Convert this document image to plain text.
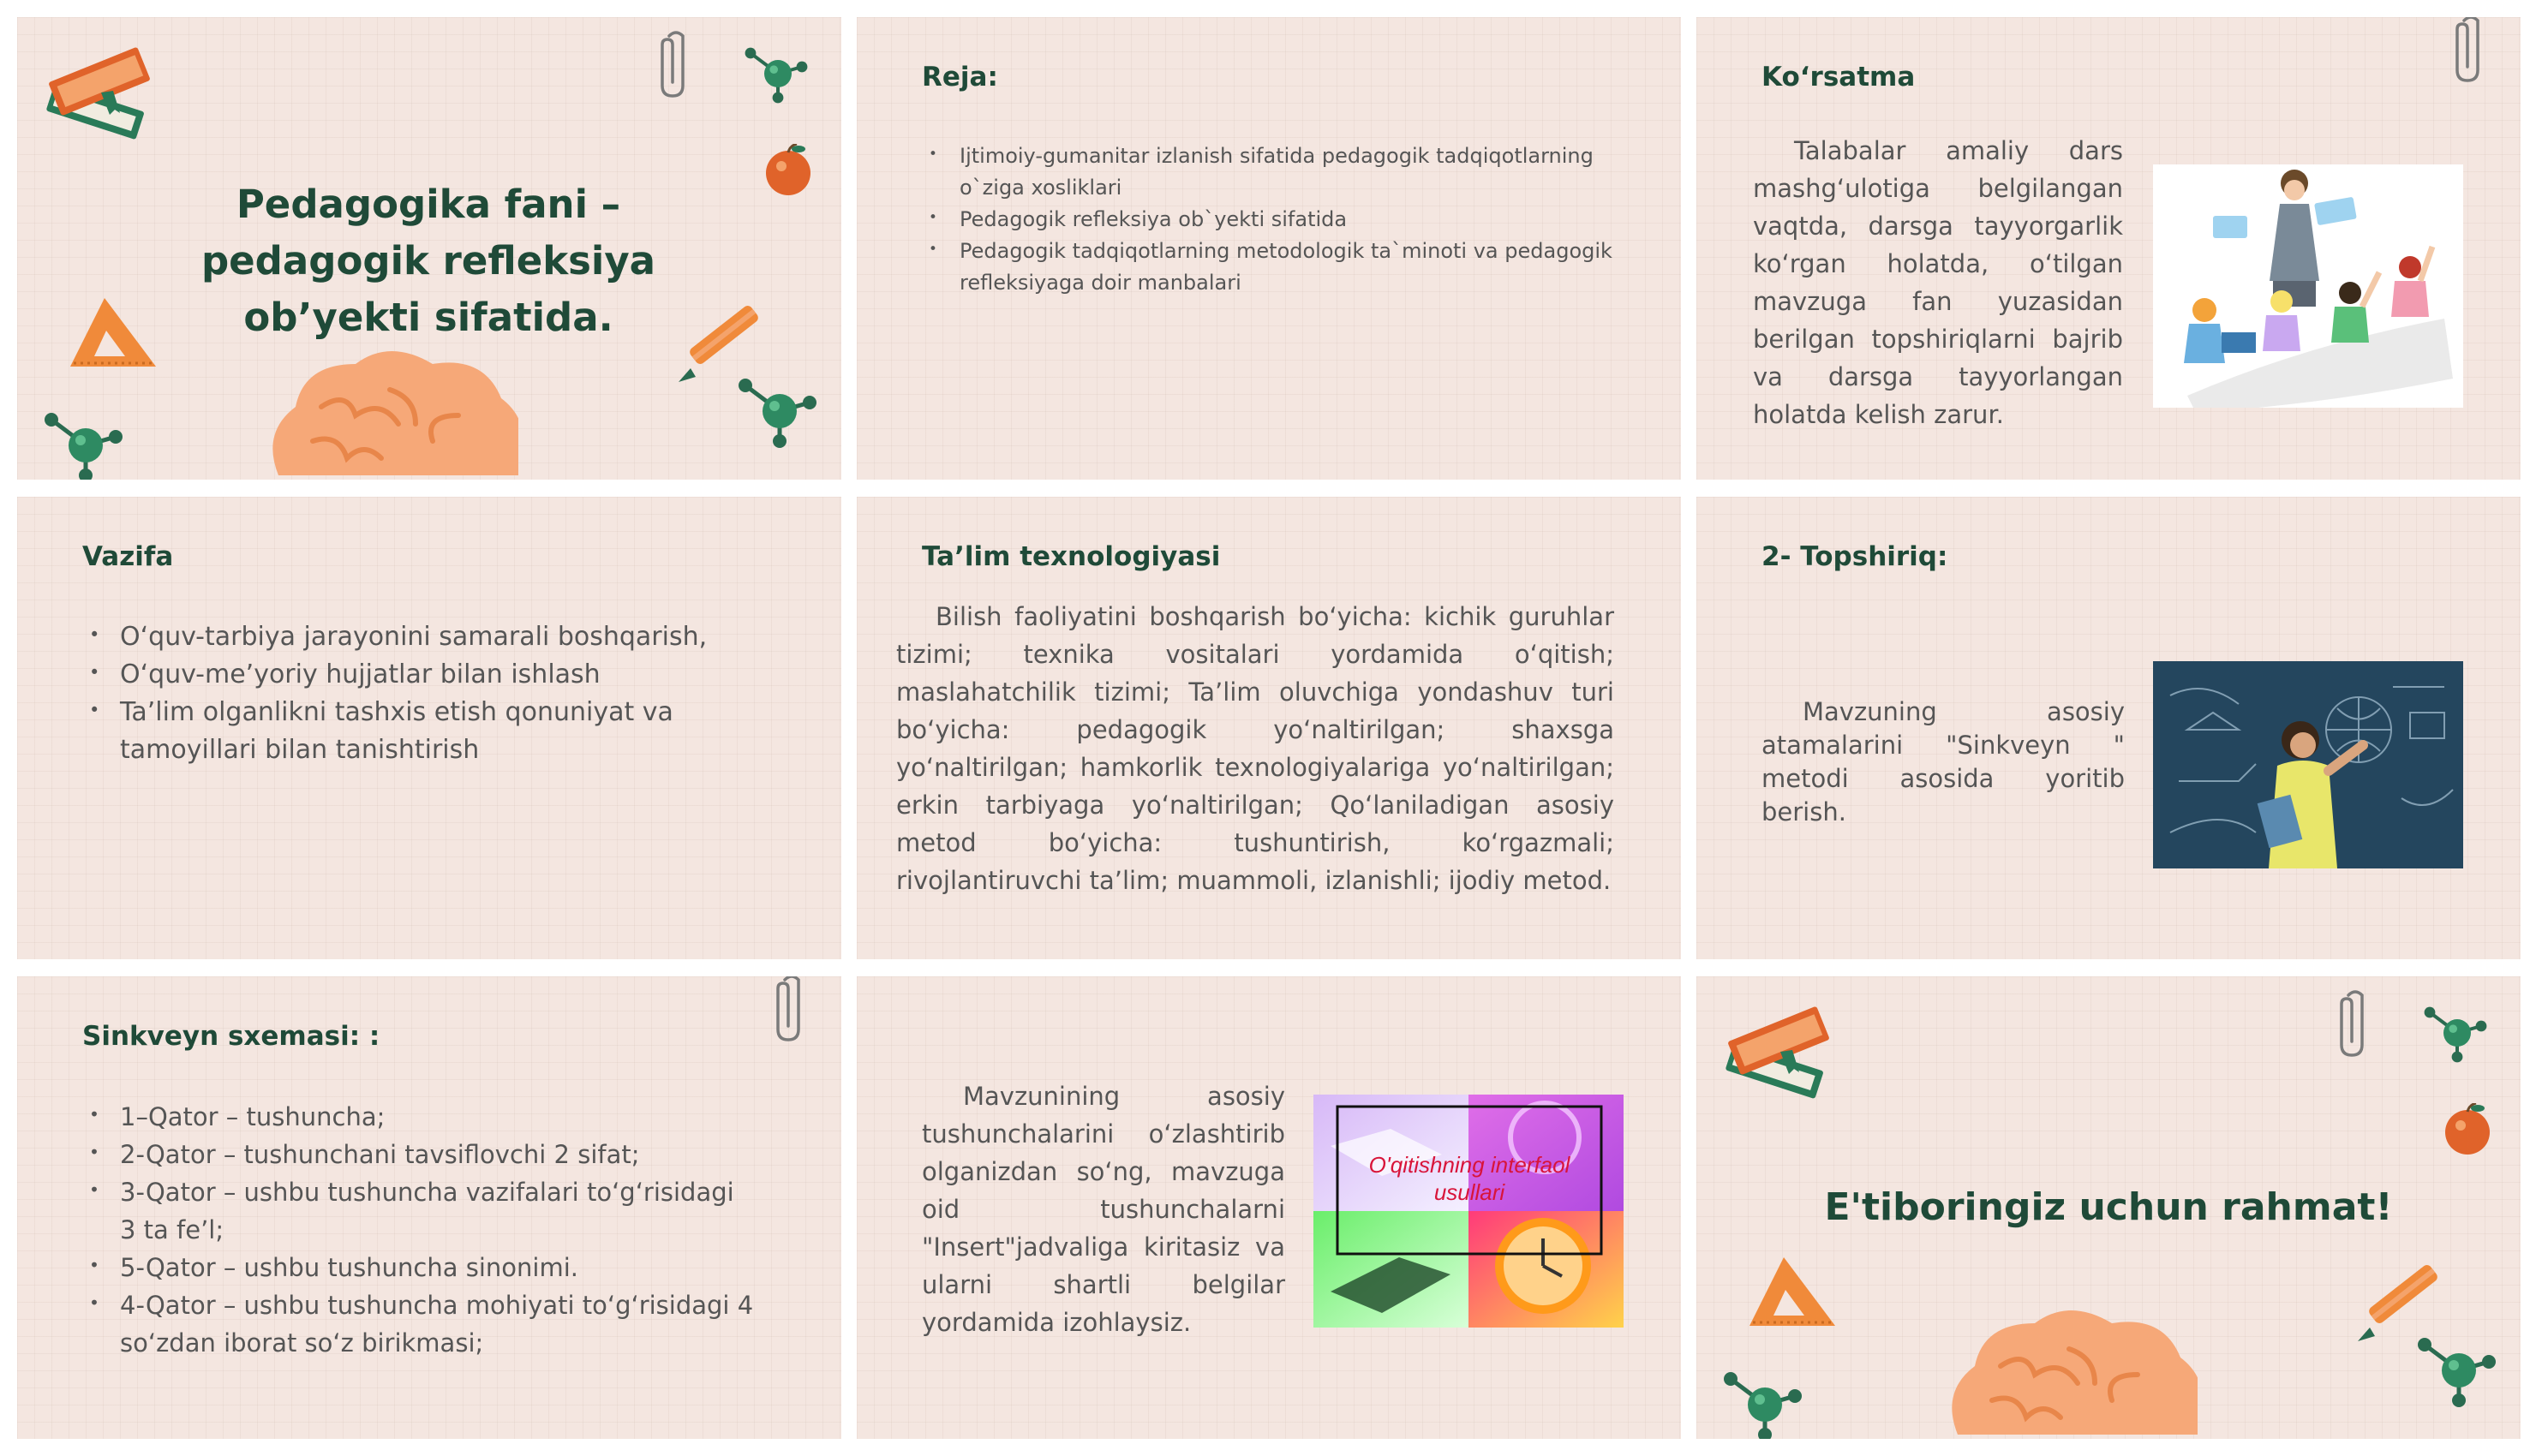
Pedagogika fani – pedagogik refleksiya ob’yekti sifatida.
Reja:
• Ijtimoiy-gumanitar izlanish sifatida pedagogik tadqiqotlarning o`ziga xosliklari
• Pedagogik refleksiya ob`yekti sifatida
• Pedagogik tadqiqotlarning metodologik ta`minoti va pedagogik refleksiyaga doir manbalari
Ko‘rsatma
Talabalar amaliy dars mashg‘ulotiga belgilangan vaqtda, darsga tayyorgarlik ko‘rgan holatda, o‘tilgan mavzuga fan yuzasidan berilgan topshiriqlarni bajrib va darsga tayyorlangan holatda kelish zarur.
Vazifa
• O‘quv-tarbiya jarayonini samarali boshqarish,
• O‘quv-me’yoriy hujjatlar bilan ishlash
• Ta’lim olganlikni tashxis etish qonuniyat va tamoyillari bilan tanishtirish
Ta’lim texnologiyasi
Bilish faoliyatini boshqarish bo‘yicha: kichik guruhlar tizimi; texnika vositalari yordamida o‘qitish; maslahatchilik tizimi; Ta’lim oluvchiga yondashuv turi bo‘yicha: pedagogik yo‘naltirilgan; shaxsga yo‘naltirilgan; hamkorlik texnologiyalariga yo‘naltirilgan; erkin tarbiyaga yo‘naltirilgan; Qo‘laniladigan asosiy metod bo‘yicha: tushuntirish, ko‘rgazmali; rivojlantiruvchi ta’lim; muammoli, izlanishli; ijodiy metod.
2- Topshiriq:
Mavzuning asosiy atamalarini "Sinkveyn " metodi asosida yoritib berish.
Sinkveyn sxemasi: :
• 1–Qator – tushuncha;
• 2-Qator – tushunchani tavsiflovchi 2 sifat;
• 3-Qator – ushbu tushuncha vazifalari to‘g‘risidagi 3 ta fe’l;
• 5-Qator – ushbu tushuncha sinonimi.
• 4-Qator – ushbu tushuncha mohiyati to‘g‘risidagi 4 so‘zdan iborat so‘z birikmasi;
Mavzunining asosiy tushunchalarini o‘zlashtirib olganizdan so‘ng, mavzuga oid tushunchalarni "Insert"jadvaliga kiritasiz va ularni shartli belgilar yordamida izohlaysiz.
O'qitishning interfaol usullari	E'tiboringiz uchun rahmat!
